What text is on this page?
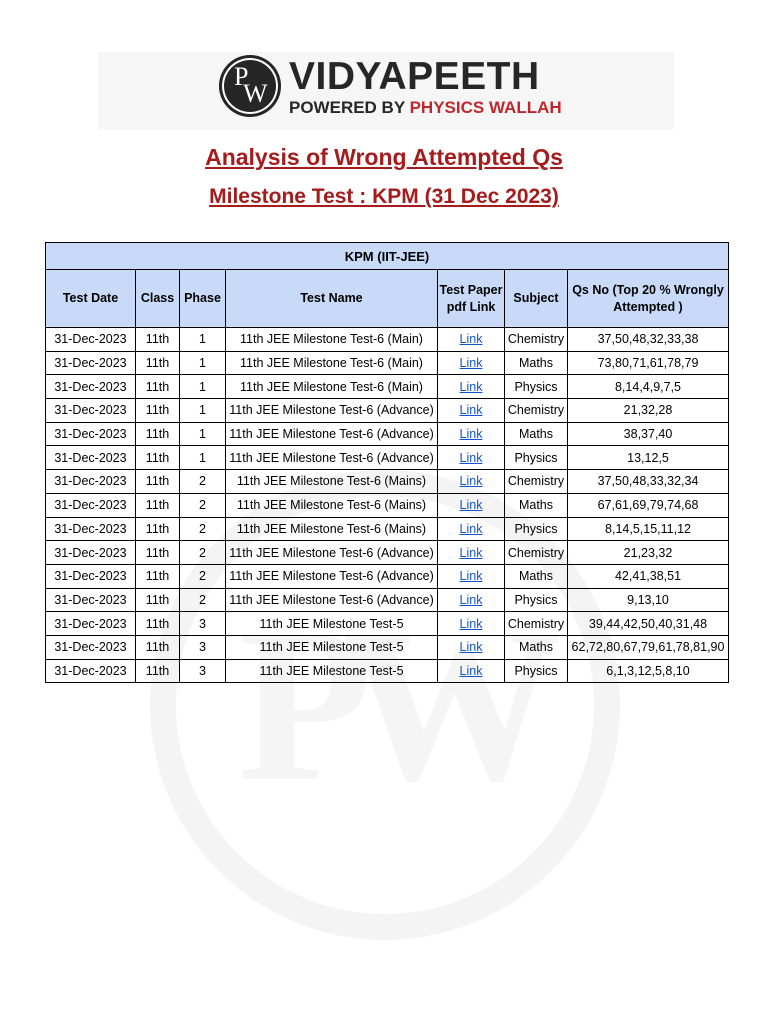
P
W VIDYAPEETH
POWERED BY PHYSICS WALLAH
Analysis of Wrong Attempted Qs
Milestone Test : KPM (31 Dec 2023)
KPM (IIT-JEE)						
Test Date	Class	Phase	Test Name	Test Paper pdf Link	Subject	Qs No (Top 20 % Wrongly Attempted )
31-Dec-2023	11th	1	11th JEE Milestone Test-6 (Main)	Link	Chemistry	37,50,48,32,33,38
31-Dec-2023	11th	1	11th JEE Milestone Test-6 (Main)	Link	Maths	73,80,71,61,78,79
31-Dec-2023	11th	1	11th JEE Milestone Test-6 (Main)	Link	Physics	8,14,4,9,7,5
31-Dec-2023	11th	1	11th JEE Milestone Test-6 (Advance)	Link	Chemistry	21,32,28
31-Dec-2023	11th	1	11th JEE Milestone Test-6 (Advance)	Link	Maths	38,37,40
31-Dec-2023	11th	1	11th JEE Milestone Test-6 (Advance)	Link	Physics	13,12,5
31-Dec-2023	11th	2	11th JEE Milestone Test-6 (Mains)	Link	Chemistry	37,50,48,33,32,34
31-Dec-2023	11th	2	11th JEE Milestone Test-6 (Mains)	Link	Maths	67,61,69,79,74,68
31-Dec-2023	11th	2	11th JEE Milestone Test-6 (Mains)	Link	Physics	8,14,5,15,11,12
31-Dec-2023	11th	2	11th JEE Milestone Test-6 (Advance)	Link	Chemistry	21,23,32
31-Dec-2023	11th	2	11th JEE Milestone Test-6 (Advance)	Link	Maths	42,41,38,51
31-Dec-2023	11th	2	11th JEE Milestone Test-6 (Advance)	Link	Physics	9,13,10
31-Dec-2023	11th	3	11th JEE Milestone Test-5	Link	Chemistry	39,44,42,50,40,31,48
31-Dec-2023	11th	3	11th JEE Milestone Test-5	Link	Maths	62,72,80,67,79,61,78,81,90
31-Dec-2023	11th	3	11th JEE Milestone Test-5	Link	Physics	6,1,3,12,5,8,10
